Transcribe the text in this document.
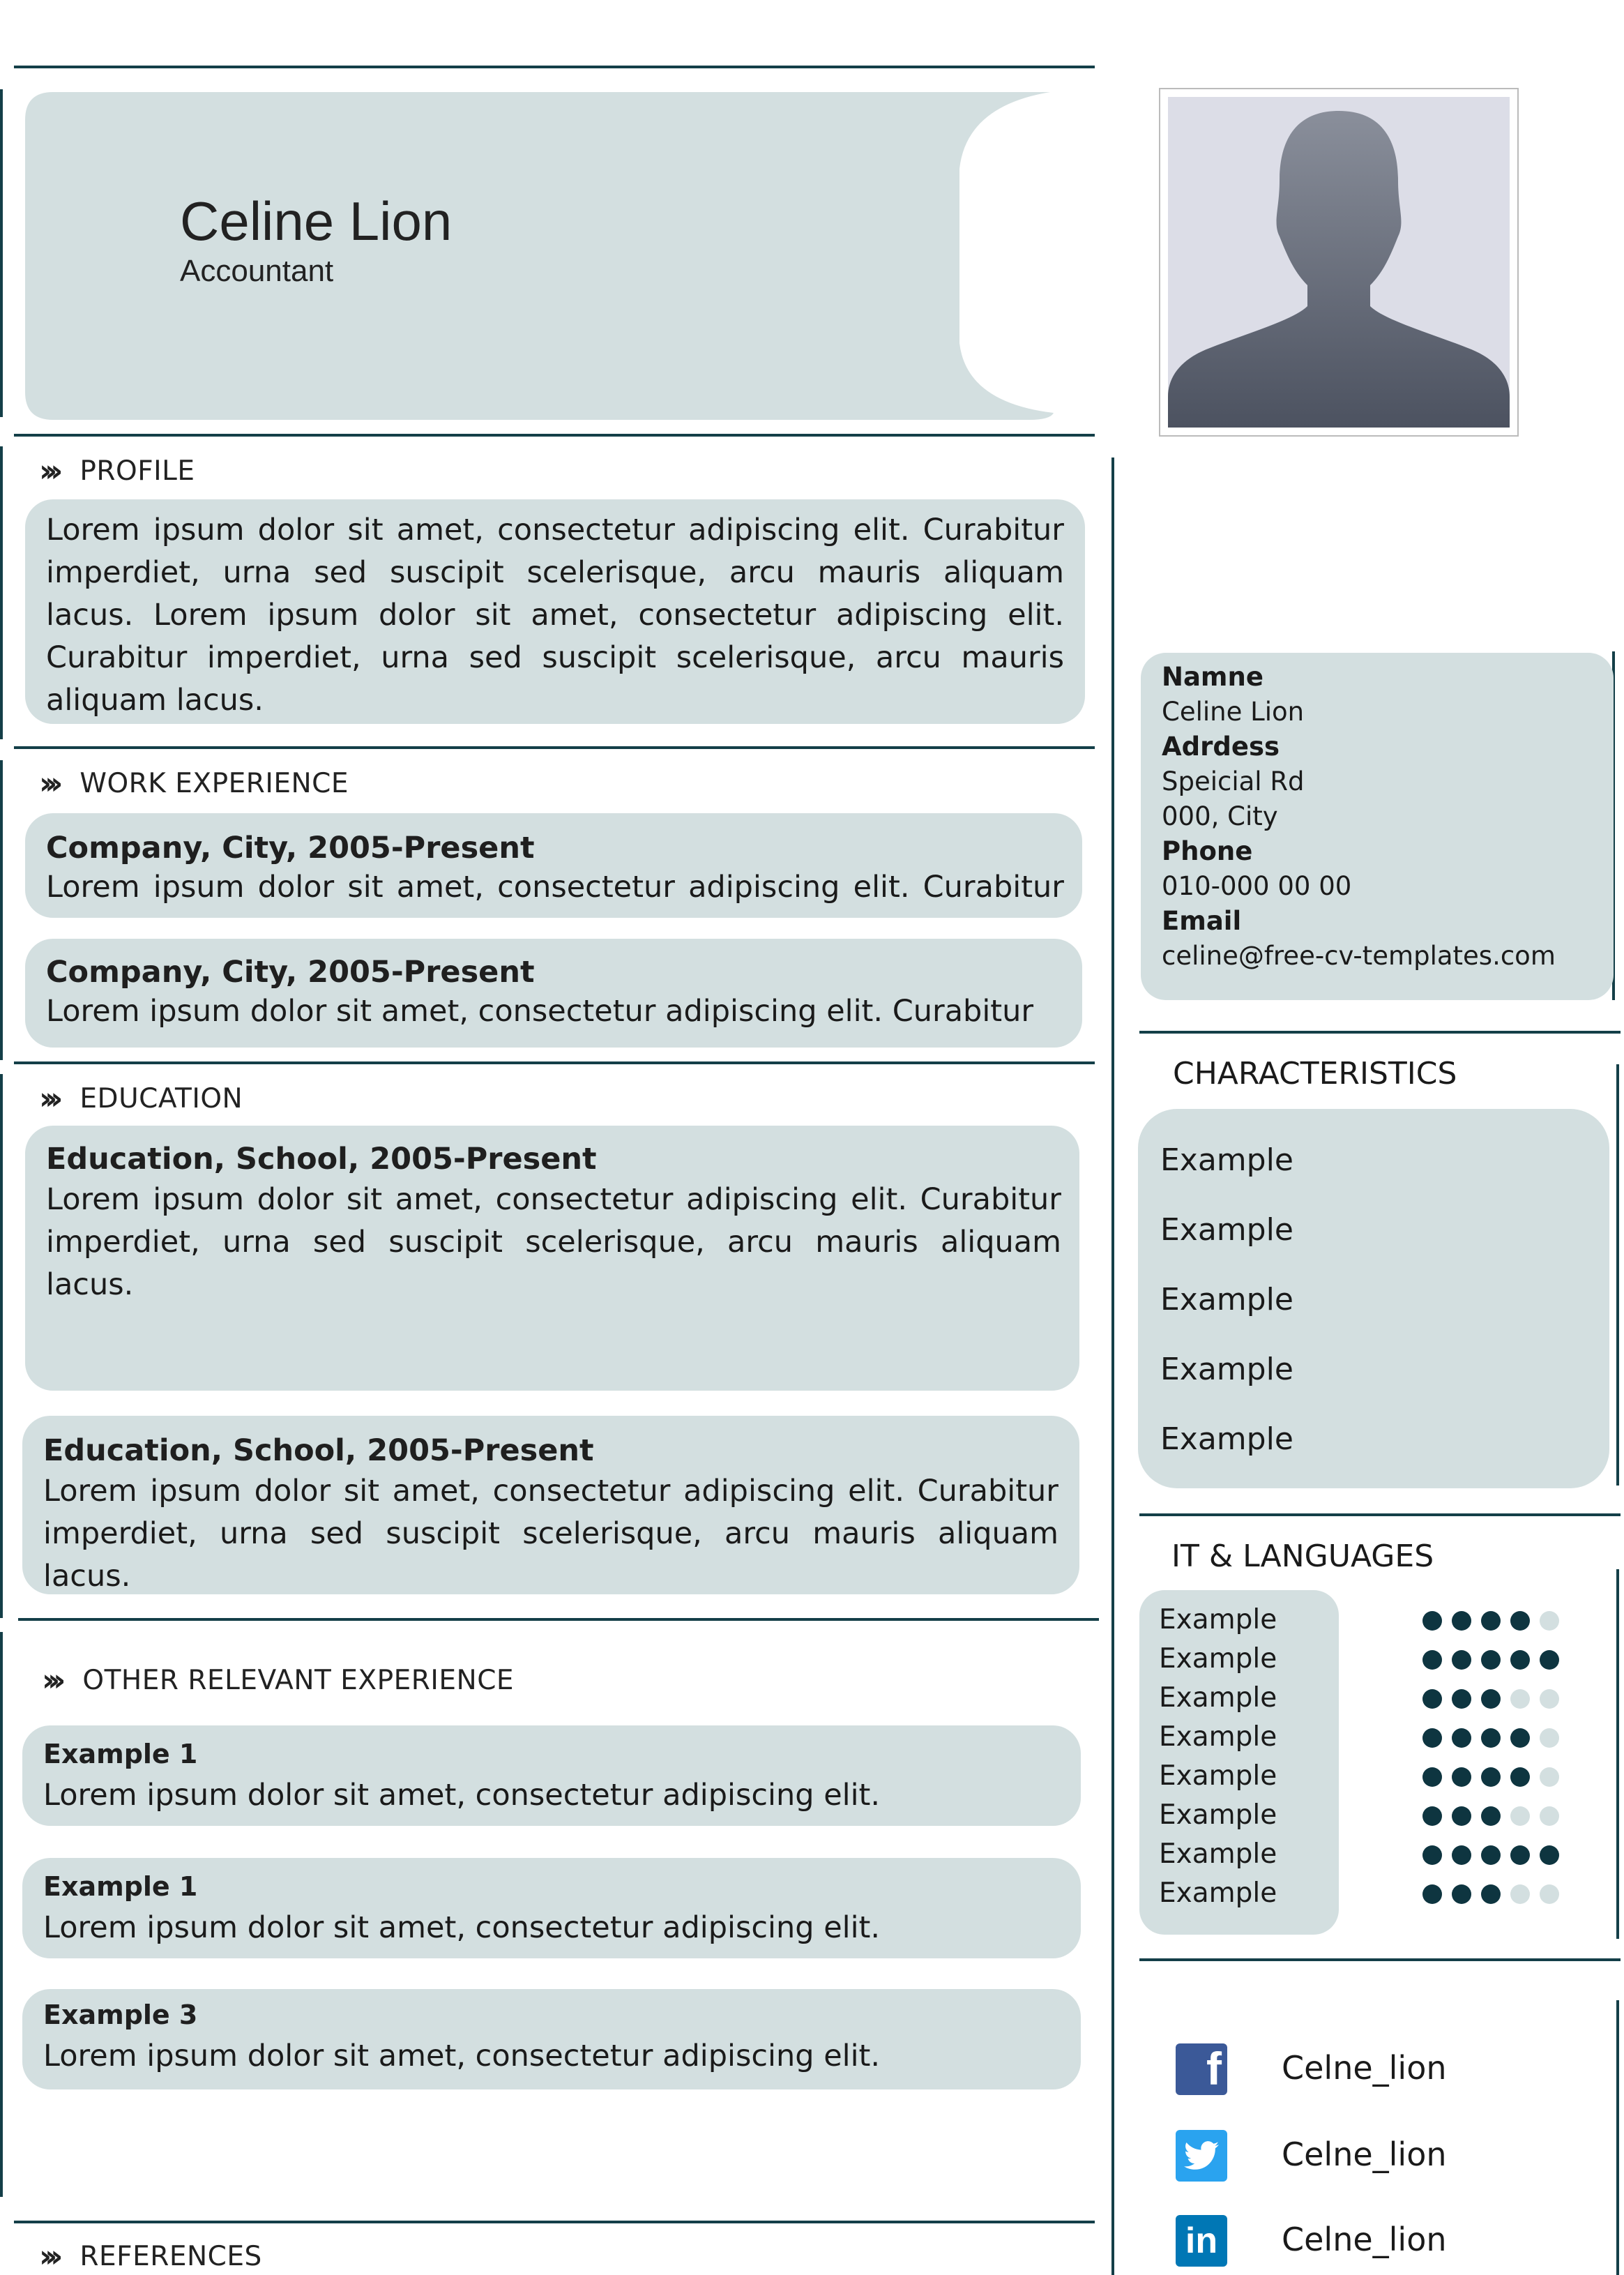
Celine Lion
Accountant
››› PROFILE
Lorem ipsum dolor sit amet, consectetur adipiscing elit. Curabitur imperdiet, urna sed suscipit scelerisque, arcu mauris aliquam lacus. Lorem ipsum dolor sit amet, consectetur adipiscing elit. Curabitur imperdiet, urna sed suscipit scelerisque, arcu mauris aliquam lacus.
››› WORK EXPERIENCE
Company, City, 2005-Present
Lorem ipsum dolor sit amet, consectetur adipiscing elit. Curabitur
Company, City, 2005-Present
Lorem ipsum dolor sit amet, consectetur adipiscing elit. Curabitur
››› EDUCATION
Education, School, 2005-Present
Lorem ipsum dolor sit amet, consectetur adipiscing elit. Curabitur imperdiet, urna sed suscipit scelerisque, arcu mauris aliquam lacus.
Education, School, 2005-Present
Lorem ipsum dolor sit amet, consectetur adipiscing elit. Curabitur imperdiet, urna sed suscipit scelerisque, arcu mauris aliquam lacus.
››› OTHER RELEVANT EXPERIENCE
Example 1
Lorem ipsum dolor sit amet, consectetur adipiscing elit.
Example 1
Lorem ipsum dolor sit amet, consectetur adipiscing elit.
Example 3
Lorem ipsum dolor sit amet, consectetur adipiscing elit.
››› REFERENCES
Namne
Celine Lion
Adrdess
Speicial Rd
000, City
Phone
010-000 00 00
Email
celine@free-cv-templates.com
CHARACTERISTICS
Example
Example
Example
Example
Example
IT & LANGUAGES
Example
Example
Example
Example
Example
Example
Example
Example
f Celne_lion
Celne_lion
in	Celne_lion
